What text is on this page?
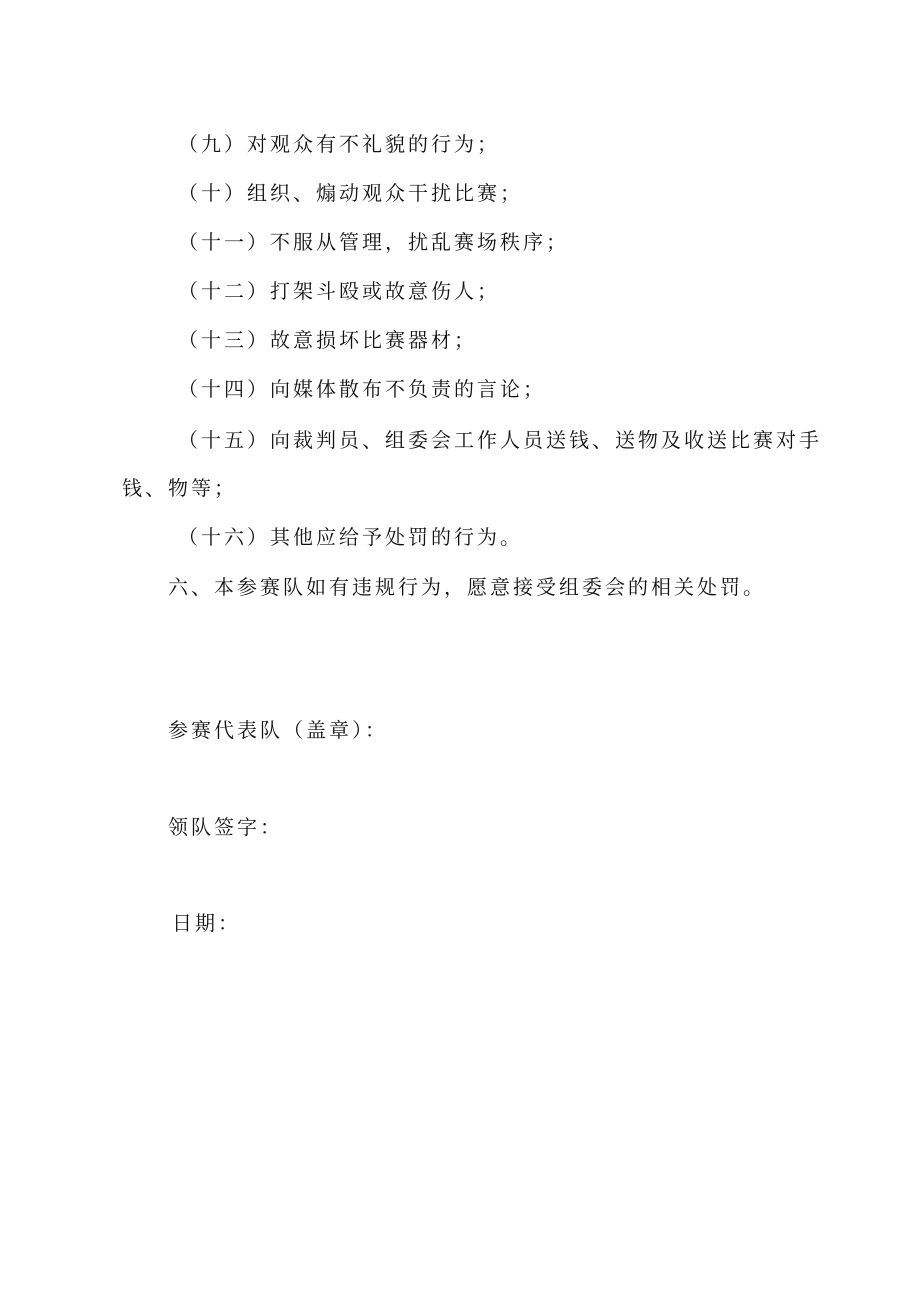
（九）对观众有不礼貌的行为；
（十）组织、煽动观众干扰比赛；
（十一）不服从管理，扰乱赛场秩序；
（十二）打架斗殴或故意伤人；
（十三）故意损坏比赛器材；
（十四）向媒体散布不负责的言论；
（十五）向裁判员、组委会工作人员送钱、送物及收送比赛对手
钱、物等；
（十六）其他应给予处罚的行为。
六、本参赛队如有违规行为，愿意接受组委会的相关处罚。
参赛代表队（盖章）：
领队签字：
日期：
